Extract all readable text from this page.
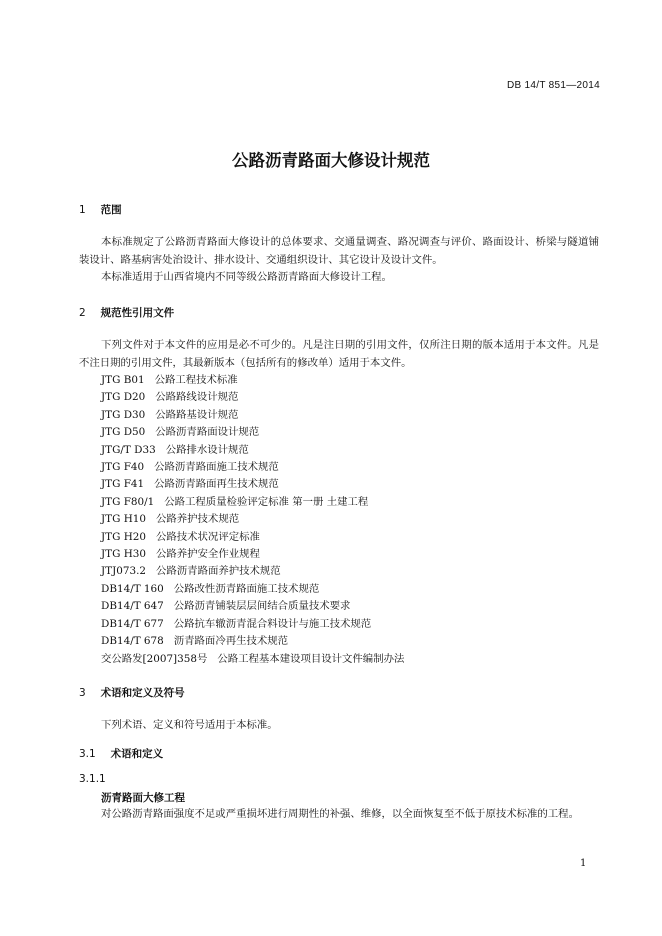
DB 14/T 851—2014
公路沥青路面大修设计规范
1 范围
本标准规定了公路沥青路面大修设计的总体要求、交通量调查、路况调查与评价、路面设计、桥梁与隧道铺装设计、路基病害处治设计、排水设计、交通组织设计、其它设计及设计文件。
本标准适用于山西省境内不同等级公路沥青路面大修设计工程。
2 规范性引用文件
下列文件对于本文件的应用是必不可少的。凡是注日期的引用文件，仅所注日期的版本适用于本文件。凡是不注日期的引用文件，其最新版本（包括所有的修改单）适用于本文件。
JTG B01 公路工程技术标准
JTG D20 公路路线设计规范
JTG D30 公路路基设计规范
JTG D50 公路沥青路面设计规范
JTG/T D33 公路排水设计规范
JTG F40 公路沥青路面施工技术规范
JTG F41 公路沥青路面再生技术规范
JTG F80/1 公路工程质量检验评定标准 第一册 土建工程
JTG H10 公路养护技术规范
JTG H20 公路技术状况评定标准
JTG H30 公路养护安全作业规程
JTJ073.2 公路沥青路面养护技术规范
DB14/T 160 公路改性沥青路面施工技术规范
DB14/T 647 公路沥青铺装层层间结合质量技术要求
DB14/T 677 公路抗车辙沥青混合料设计与施工技术规范
DB14/T 678 沥青路面冷再生技术规范
交公路发[2007]358号 公路工程基本建设项目设计文件编制办法
3 术语和定义及符号
下列术语、定义和符号适用于本标准。
3.1 术语和定义
3.1.1
沥青路面大修工程
对公路沥青路面强度不足或严重损坏进行周期性的补强、维修，以全面恢复至不低于原技术标准的工程。
1
